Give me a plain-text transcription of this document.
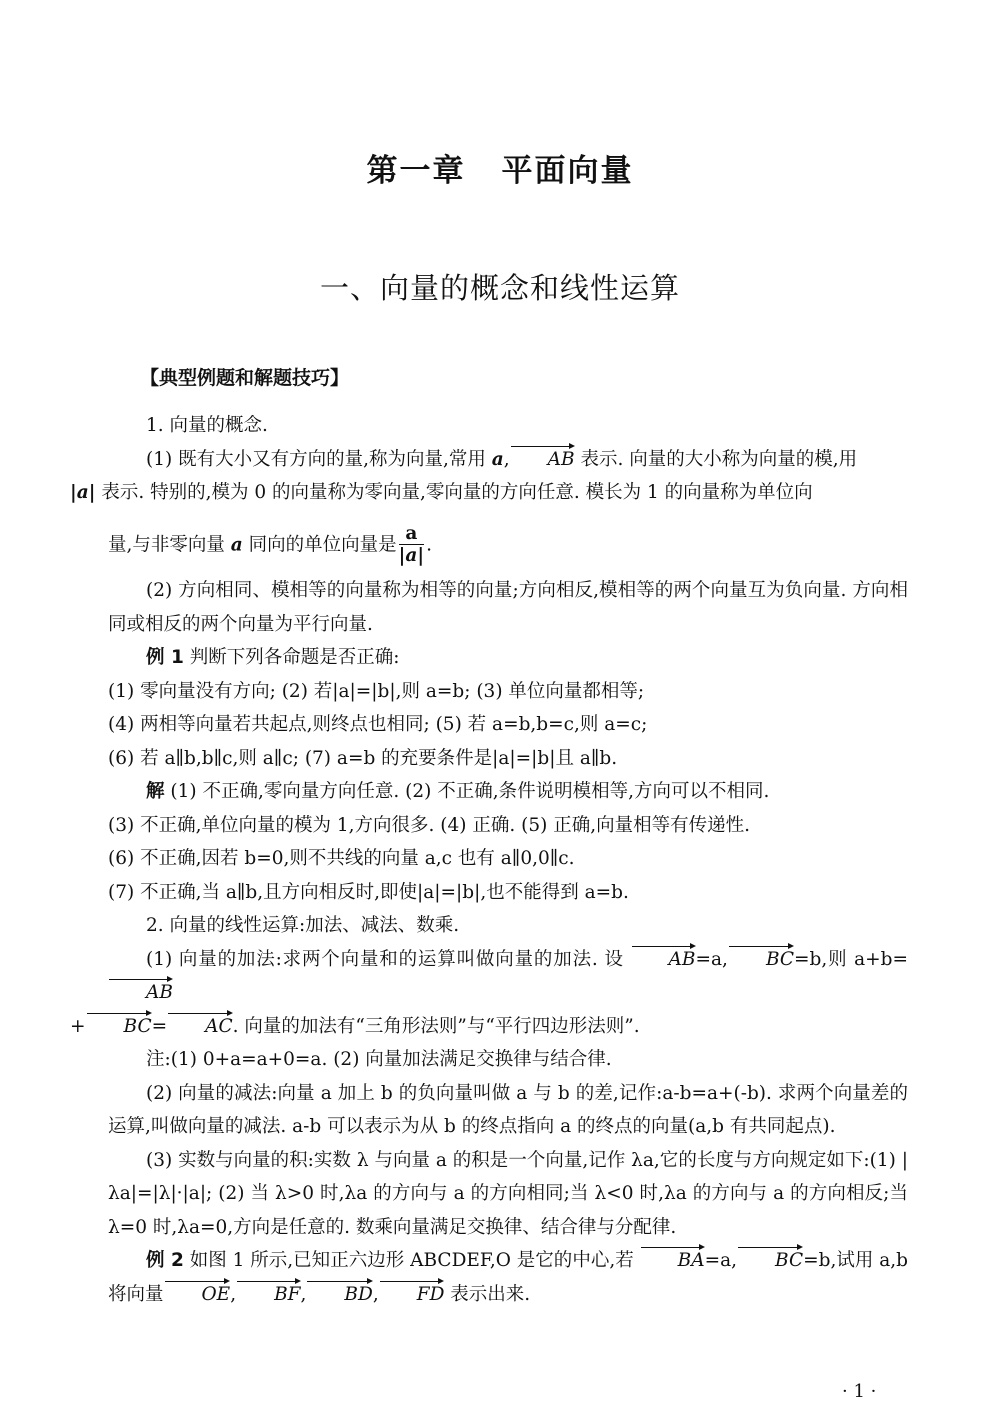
第一章 平面向量
一、向量的概念和线性运算
【典型例题和解题技巧】

1. 向量的概念.

(1) 既有大小又有方向的量,称为向量,常用 a, AB 表示. 向量的大小称为向量的模,用
|a| 表示. 特别的,模为 0 的向量称为零向量,零向量的方向任意. 模长为 1 的向量称为单位向

量,与非零向量 a 同向的单位向量是 $\frac{a}{|a|}$ .

(2) 方向相同、模相等的向量称为相等的向量;方向相反,模相等的两个向量互为负向量. 方向相同或相反的两个向量为平行向量.

例 1 判断下列各命题是否正确:

(1) 零向量没有方向; (2) 若|a|=|b|,则 a=b; (3) 单位向量都相等;

(4) 两相等向量若共起点,则终点也相同; (5) 若 a=b,b=c,则 a=c;

(6) 若 a∥b,b∥c,则 a∥c; (7) a=b 的充要条件是|a|=|b|且 a∥b.

解 (1) 不正确,零向量方向任意. (2) 不正确,条件说明模相等,方向可以不相同.

(3) 不正确,单位向量的模为 1,方向很多. (4) 正确. (5) 正确,向量相等有传递性.

(6) 不正确,因若 b=0,则不共线的向量 a,c 也有 a∥0,0∥c.

(7) 不正确,当 a∥b,且方向相反时,即使|a|=|b|,也不能得到 a=b.

2. 向量的线性运算:加法、减法、数乘.

(1) 向量的加法:求两个向量和的运算叫做向量的加法. 设 AB=a, BC=b,则 a+b=AB
+ BC= AC. 向量的加法有“三角形法则”与“平行四边形法则”.

注:(1) 0+a=a+0=a. (2) 向量加法满足交换律与结合律.

(2) 向量的减法:向量 a 加上 b 的负向量叫做 a 与 b 的差,记作:a-b=a+(-b). 求两个向量差的运算,叫做向量的减法. a-b 可以表示为从 b 的终点指向 a 的终点的向量(a,b 有共同起点).

(3) 实数与向量的积:实数 λ 与向量 a 的积是一个向量,记作 λa,它的长度与方向规定如下:(1) |λa|=|λ|·|a|; (2) 当 λ>0 时,λa 的方向与 a 的方向相同;当 λ<0 时,λa 的方向与 a 的方向相反;当 λ=0 时,λa=0,方向是任意的. 数乘向量满足交换律、结合律与分配律.

例 2 如图 1 所示,已知正六边形 ABCDEF,O 是它的中心,若 BA=a, BC=b,试用 a,b 将向量 OE, BF, BD, FD 表示出来.

· 1 ·
